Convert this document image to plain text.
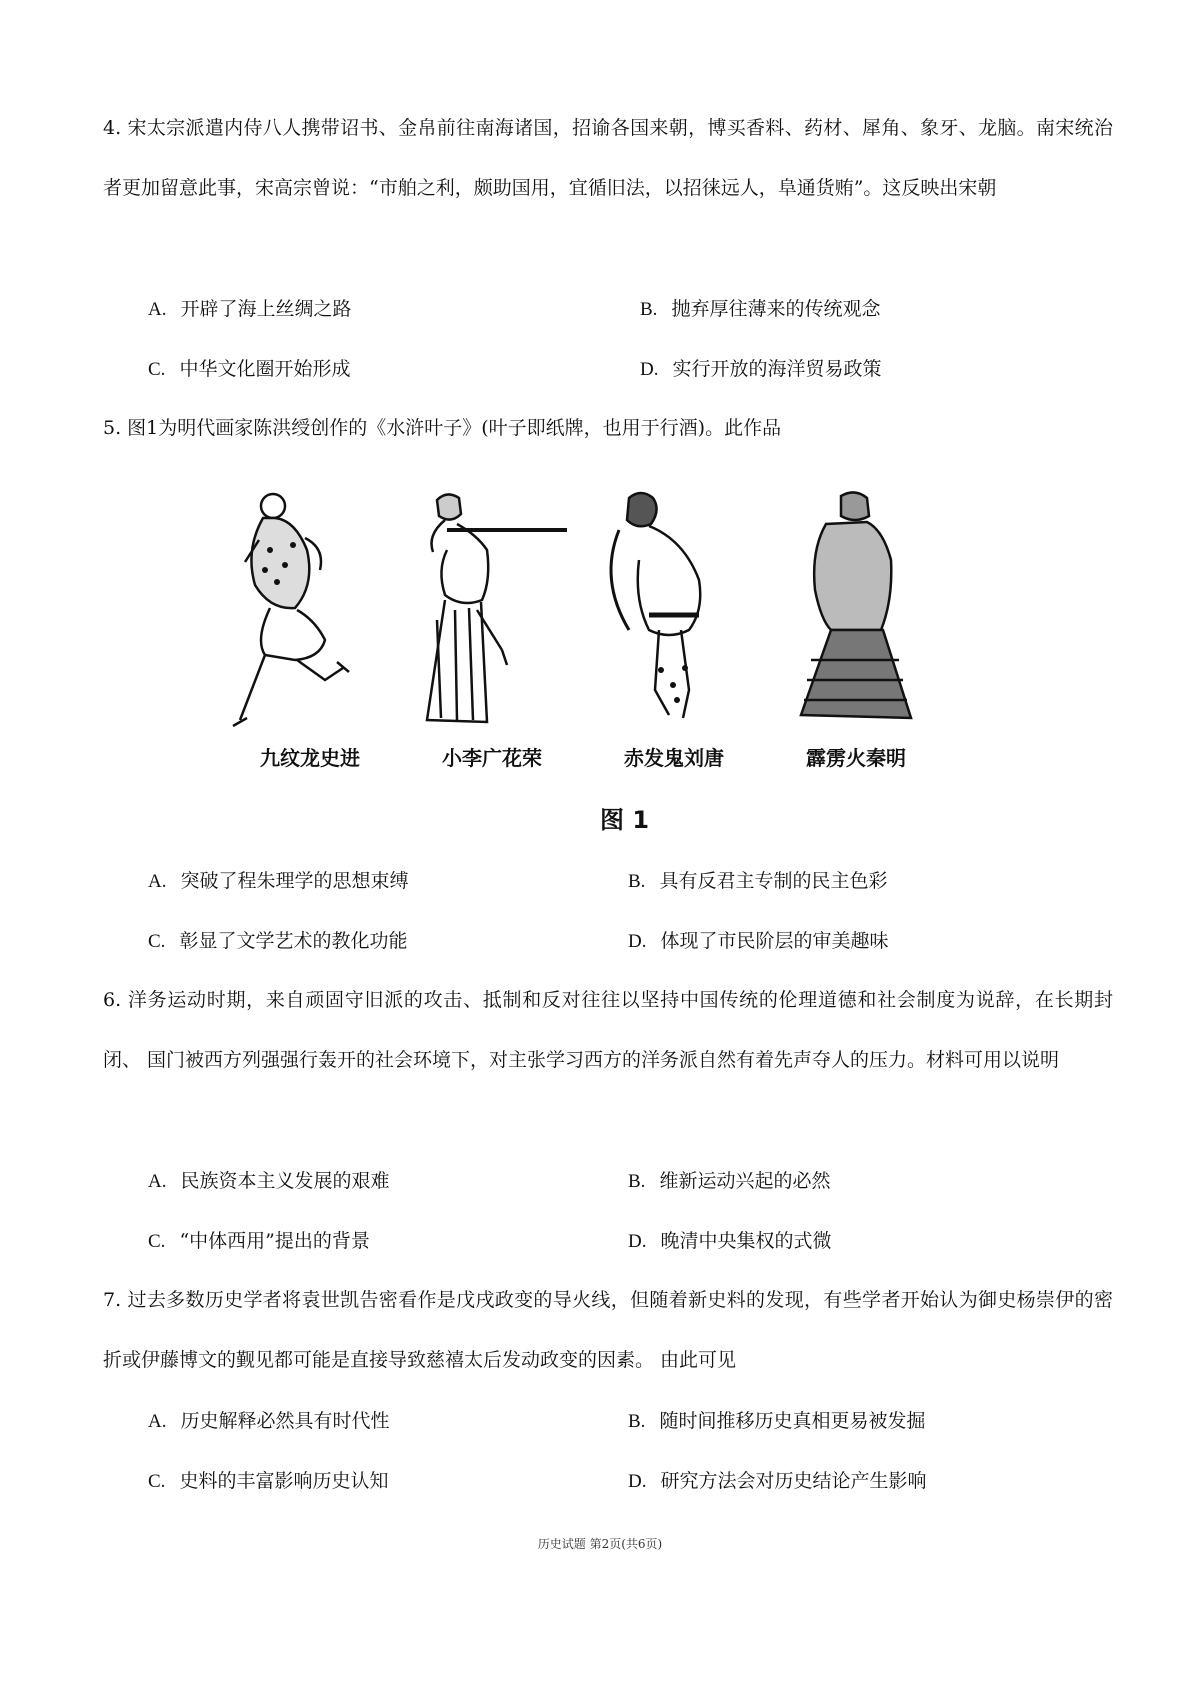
4. 宋太宗派遣内侍八人携带诏书、金帛前往南海诸国，招谕各国来朝，博买香料、药材、犀角、象牙、龙脑。南宋统治者更加留意此事，宋高宗曾说：“市舶之利，颇助国用，宜循旧法，以招徕远人，阜通货贿”。这反映出宋朝
A. 开辟了海上丝绸之路	B. 抛弃厚往薄来的传统观念
C. 中华文化圈开始形成	D. 实行开放的海洋贸易政策
5. 图1为明代画家陈洪绶创作的《水浒叶子》(叶子即纸牌，也用于行酒)。此作品
九纹龙史进	小李广花荣	赤发鬼刘唐	霹雳火秦明
图 1
A. 突破了程朱理学的思想束缚	B. 具有反君主专制的民主色彩
C. 彰显了文学艺术的教化功能	D. 体现了市民阶层的审美趣味
6. 洋务运动时期，来自顽固守旧派的攻击、抵制和反对往往以坚持中国传统的伦理道德和社会制度为说辞，在长期封闭、 国门被西方列强强行轰开的社会环境下，对主张学习西方的洋务派自然有着先声夺人的压力。材料可用以说明
A. 民族资本主义发展的艰难	B. 维新运动兴起的必然
C. “中体西用”提出的背景	D. 晚清中央集权的式微
7. 过去多数历史学者将袁世凯告密看作是戊戌政变的导火线，但随着新史料的发现，有些学者开始认为御史杨崇伊的密折或伊藤博文的觐见都可能是直接导致慈禧太后发动政变的因素。 由此可见
A. 历史解释必然具有时代性	B. 随时间推移历史真相更易被发掘
C. 史料的丰富影响历史认知	D. 研究方法会对历史结论产生影响
历史试题 第2页(共6页)
